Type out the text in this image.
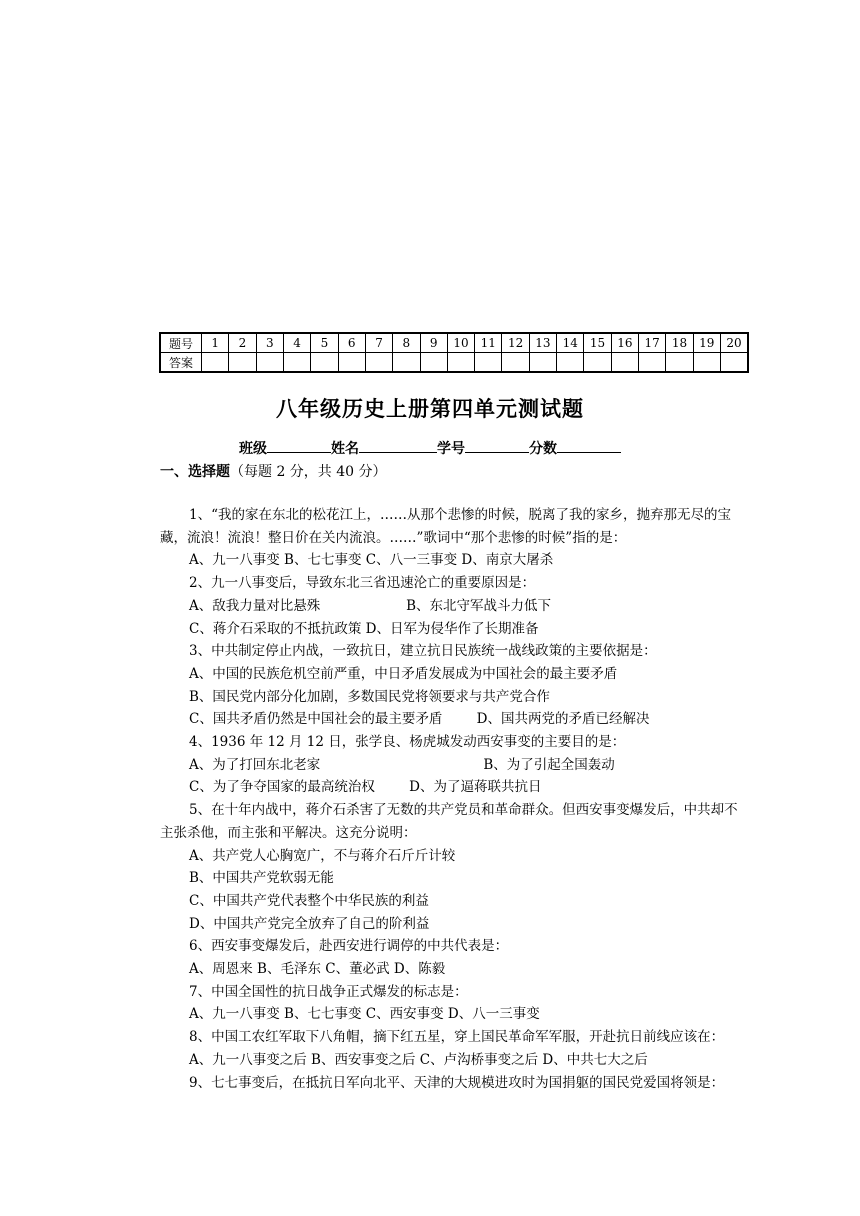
题号	1	2	3	4	5	6	7	8	9	10	11	12	13	14	15	16	17	18	19	20
答案																				
八年级历史上册第四单元测试题
班级	姓名	学号	分数
一、选择题（每题 2 分，共 40 分）

1、“我的家在东北的松花江上，……从那个悲惨的时候，脱离了我的家乡，抛弃那无尽的宝藏，流浪！流浪！整日价在关内流浪。……”歌词中“那个悲惨的时候”指的是：

A、九一八事变 B、七七事变 C、八一三事变 D、南京大屠杀

2、九一八事变后，导致东北三省迅速沦亡的重要原因是：

A、敌我力量对比悬殊                    B、东北守军战斗力低下

C、蒋介石采取的不抵抗政策 D、日军为侵华作了长期准备

3、中共制定停止内战，一致抗日，建立抗日民族统一战线政策的主要依据是：

A、中国的民族危机空前严重，中日矛盾发展成为中国社会的最主要矛盾

B、国民党内部分化加剧，多数国民党将领要求与共产党合作

C、国共矛盾仍然是中国社会的最主要矛盾        D、国共两党的矛盾已经解决

4、1936 年 12 月 12 日，张学良、杨虎城发动西安事变的主要目的是：

A、为了打回东北老家                                      B、为了引起全国轰动

C、为了争夺国家的最高统治权        D、为了逼蒋联共抗日

5、在十年内战中，蒋介石杀害了无数的共产党员和革命群众。但西安事变爆发后，中共却不主张杀他，而主张和平解决。这充分说明：

A、共产党人心胸宽广，不与蒋介石斤斤计较

B、中国共产党软弱无能

C、中国共产党代表整个中华民族的利益

D、中国共产党完全放弃了自己的阶利益

6、西安事变爆发后，赴西安进行调停的中共代表是：

A、周恩来 B、毛泽东 C、董必武 D、陈毅

7、中国全国性的抗日战争正式爆发的标志是：

A、九一八事变 B、七七事变 C、西安事变 D、八一三事变

8、中国工农红军取下八角帽，摘下红五星，穿上国民革命军军服，开赴抗日前线应该在：

A、九一八事变之后 B、西安事变之后 C、卢沟桥事变之后 D、中共七大之后

9、七七事变后，在抵抗日军向北平、天津的大规模进攻时为国捐躯的国民党爱国将领是：
